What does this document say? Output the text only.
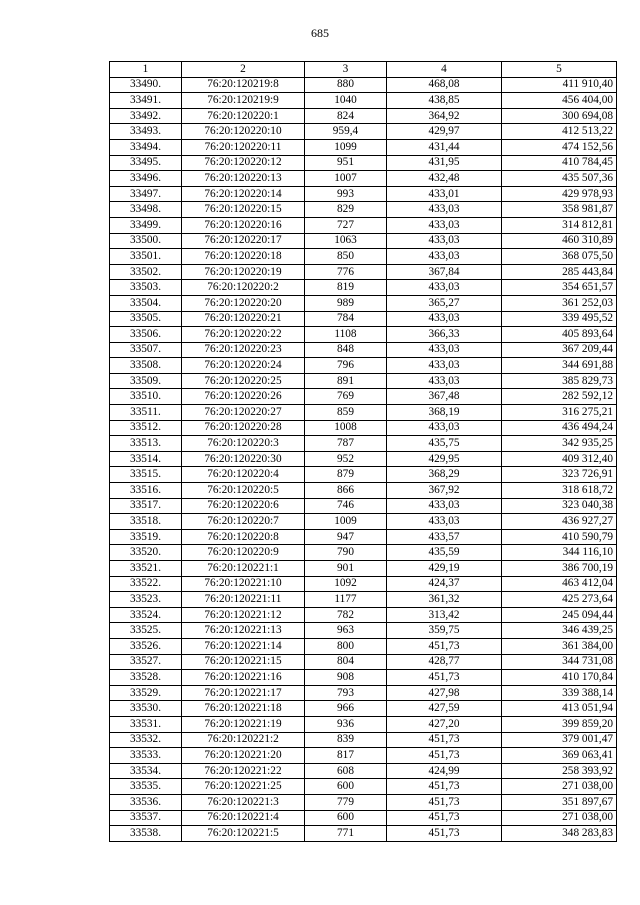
685
1	2	3	4	5
33490.	76:20:120219:8	880	468,08	411 910,40
33491.	76:20:120219:9	1040	438,85	456 404,00
33492.	76:20:120220:1	824	364,92	300 694,08
33493.	76:20:120220:10	959,4	429,97	412 513,22
33494.	76:20:120220:11	1099	431,44	474 152,56
33495.	76:20:120220:12	951	431,95	410 784,45
33496.	76:20:120220:13	1007	432,48	435 507,36
33497.	76:20:120220:14	993	433,01	429 978,93
33498.	76:20:120220:15	829	433,03	358 981,87
33499.	76:20:120220:16	727	433,03	314 812,81
33500.	76:20:120220:17	1063	433,03	460 310,89
33501.	76:20:120220:18	850	433,03	368 075,50
33502.	76:20:120220:19	776	367,84	285 443,84
33503.	76:20:120220:2	819	433,03	354 651,57
33504.	76:20:120220:20	989	365,27	361 252,03
33505.	76:20:120220:21	784	433,03	339 495,52
33506.	76:20:120220:22	1108	366,33	405 893,64
33507.	76:20:120220:23	848	433,03	367 209,44
33508.	76:20:120220:24	796	433,03	344 691,88
33509.	76:20:120220:25	891	433,03	385 829,73
33510.	76:20:120220:26	769	367,48	282 592,12
33511.	76:20:120220:27	859	368,19	316 275,21
33512.	76:20:120220:28	1008	433,03	436 494,24
33513.	76:20:120220:3	787	435,75	342 935,25
33514.	76:20:120220:30	952	429,95	409 312,40
33515.	76:20:120220:4	879	368,29	323 726,91
33516.	76:20:120220:5	866	367,92	318 618,72
33517.	76:20:120220:6	746	433,03	323 040,38
33518.	76:20:120220:7	1009	433,03	436 927,27
33519.	76:20:120220:8	947	433,57	410 590,79
33520.	76:20:120220:9	790	435,59	344 116,10
33521.	76:20:120221:1	901	429,19	386 700,19
33522.	76:20:120221:10	1092	424,37	463 412,04
33523.	76:20:120221:11	1177	361,32	425 273,64
33524.	76:20:120221:12	782	313,42	245 094,44
33525.	76:20:120221:13	963	359,75	346 439,25
33526.	76:20:120221:14	800	451,73	361 384,00
33527.	76:20:120221:15	804	428,77	344 731,08
33528.	76:20:120221:16	908	451,73	410 170,84
33529.	76:20:120221:17	793	427,98	339 388,14
33530.	76:20:120221:18	966	427,59	413 051,94
33531.	76:20:120221:19	936	427,20	399 859,20
33532.	76:20:120221:2	839	451,73	379 001,47
33533.	76:20:120221:20	817	451,73	369 063,41
33534.	76:20:120221:22	608	424,99	258 393,92
33535.	76:20:120221:25	600	451,73	271 038,00
33536.	76:20:120221:3	779	451,73	351 897,67
33537.	76:20:120221:4	600	451,73	271 038,00
33538.	76:20:120221:5	771	451,73	348 283,83
